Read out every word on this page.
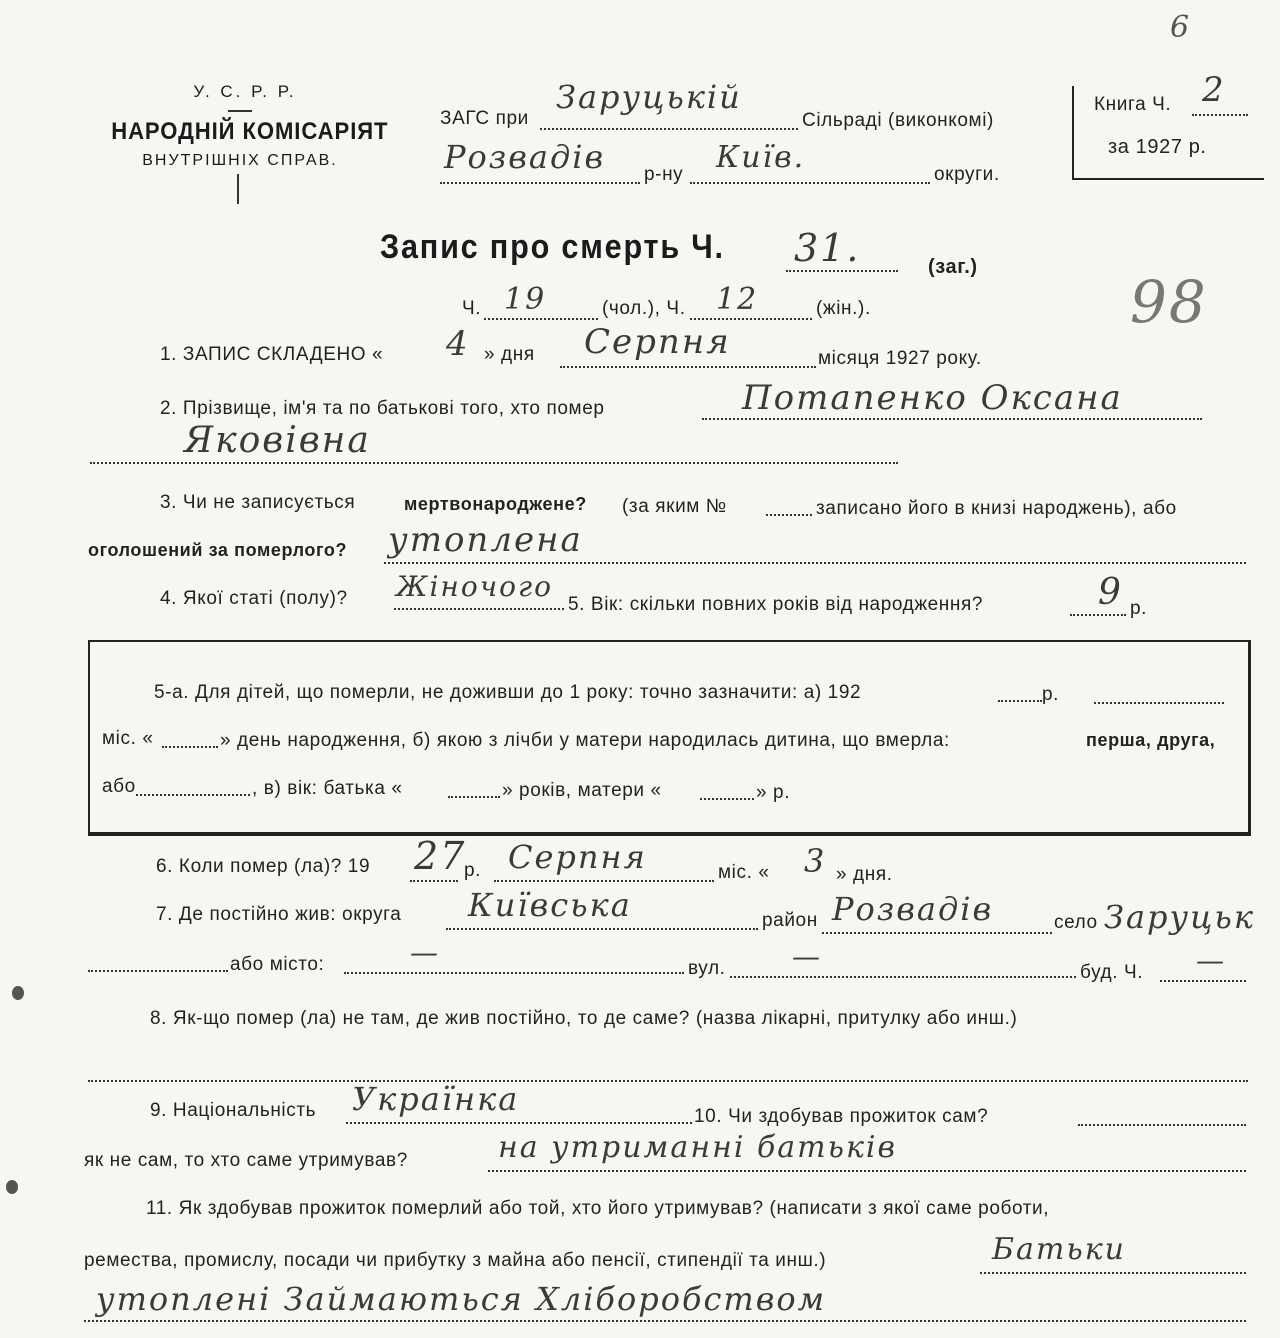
6
У. С. Р. Р.
НАРОДНІЙ КОМІСАРІЯТ
ВНУТРІШНІХ СПРАВ.
ЗАГС при
Заруцькій
Сільраді (виконкомі)
Розвадів р-ну Київ.	округи.
Книга Ч. 2
за 1927 р.
Запис про смерть Ч. 31.	(заг.)
Ч. 19	(чол.), Ч. 12	(жін.).	98
1. ЗАПИС СКЛАДЕНО « 4 » дня Серпня	місяця 1927 року.
2. Прізвище, ім'я та по батькові того, хто помер	Потапенко Оксана
Яковівна
3. Чи не записується	мертвонароджене? (за яким №	записано його в книзі народжень), або
оголошений за померлого? утоплена
4. Якої статі (полу)? Жіночого
5. Вік: скільки повних років від народження?	9 р.
5-а. Для дітей, що померли, не доживши до 1 року: точно зазначити: а) 192	р.
міс. «	» день народження, б) якою з лічби у матери народилась дитина, що вмерла:	перша, друга,
або	, в) вік: батька «	» років, матери «	» р.
6. Коли помер (ла)? 19 27
р. Серпня	міс. « 3 » дня.
7. Де постійно жив: округа Київська	район Розвадів	село Заруцьк
або місто:	—	вул. —	буд. Ч. —
8. Як-що помер (ла) не там, де жив постійно, то де саме? (назва лікарні, притулку або инш.)
9. Національність Українка	10. Чи здобував прожиток сам?
як не сам, то хто саме утримував?	на утриманні батьків
11. Як здобував прожиток померлий або той, хто його утримував? (написати з якої саме роботи,
ремества, промислу, посади чи прибутку з майна або пенсії, стипендії та инш.)	Батьки
утоплені Займаються Хліборобством
